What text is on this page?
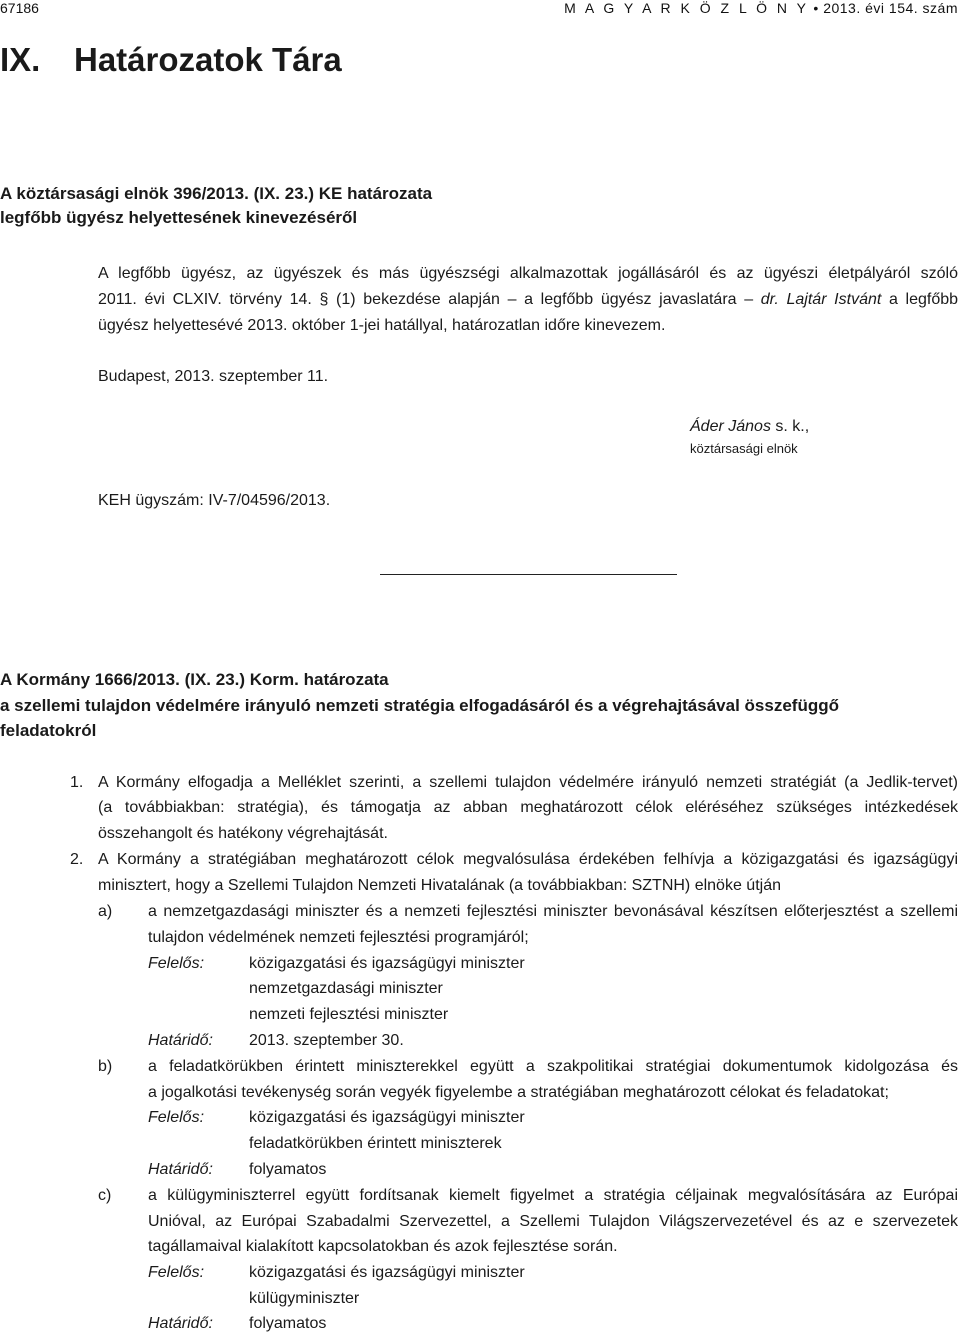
67186	M A G Y A R K Ö Z L Ö N Y • 2013. évi 154. szám
IX. Határozatok Tára
A köztársasági elnök 396/2013. (IX. 23.) KE határozata
legfőbb ügyész helyettesének kinevezéséről
A legfőbb ügyész, az ügyészek és más ügyészségi alkalmazottak jogállásáról és az ügyészi életpályáról szóló
2011. évi CLXIV. törvény 14. § (1) bekezdése alapján – a legfőbb ügyész javaslatára – dr. Lajtár Istvánt a legfőbb
ügyész helyettesévé 2013. október 1-jei hatállyal, határozatlan időre kinevezem.
Budapest, 2013. szeptember 11.
Áder János s. k.,
köztársasági elnök
KEH ügyszám: IV-7/04596/2013.
A Kormány 1666/2013. (IX. 23.) Korm. határozata
a szellemi tulajdon védelmére irányuló nemzeti stratégia elfogadásáról és a végrehajtásával összefüggő
feladatokról
1. A Kormány elfogadja a Melléklet szerinti, a szellemi tulajdon védelmére irányuló nemzeti stratégiát (a Jedlik-tervet)
(a továbbiakban: stratégia), és támogatja az abban meghatározott célok eléréséhez szükséges intézkedések
összehangolt és hatékony végrehajtását.
2. A Kormány a stratégiában meghatározott célok megvalósulása érdekében felhívja a közigazgatási és igazságügyi
minisztert, hogy a Szellemi Tulajdon Nemzeti Hivatalának (a továbbiakban: SZTNH) elnöke útján
a) a nemzetgazdasági miniszter és a nemzeti fejlesztési miniszter bevonásával készítsen előterjesztést a szellemi
tulajdon védelmének nemzeti fejlesztési programjáról;
Felelős:	közigazgatási és igazságügyi miniszter
nemzetgazdasági miniszter
nemzeti fejlesztési miniszter
Határidő: 2013. szeptember 30.
b) a feladatkörükben érintett miniszterekkel együtt a szakpolitikai stratégiai dokumentumok kidolgozása és
a jogalkotási tevékenység során vegyék figyelembe a stratégiában meghatározott célokat és feladatokat;
Felelős:	közigazgatási és igazságügyi miniszter
feladatkörükben érintett miniszterek
Határidő: folyamatos
c) a külügyminiszterrel együtt fordítsanak kiemelt figyelmet a stratégia céljainak megvalósítására az Európai
Unióval, az Európai Szabadalmi Szervezettel, a Szellemi Tulajdon Világszervezetével és az e szervezetek
tagállamaival kialakított kapcsolatokban és azok fejlesztése során.
Felelős:	közigazgatási és igazságügyi miniszter
külügyminiszter
Határidő: folyamatos
